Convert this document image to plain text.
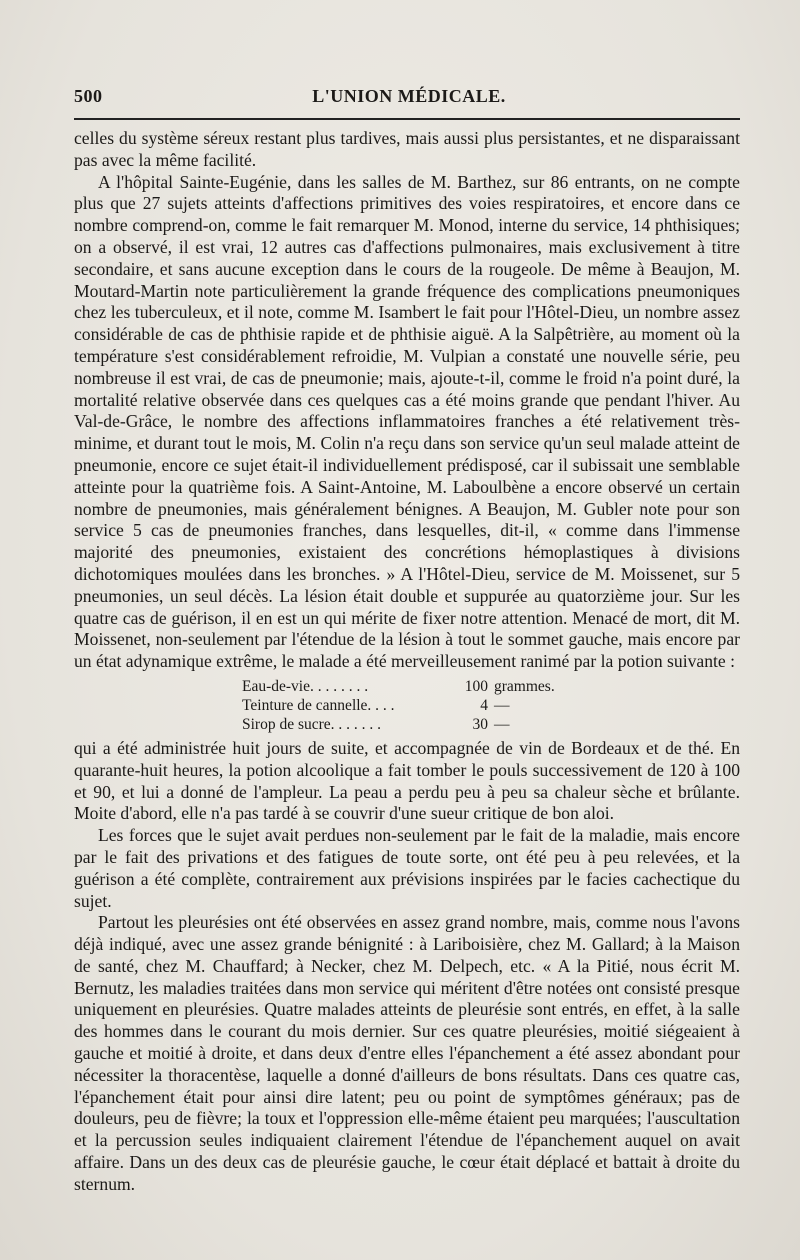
500	L'UNION MÉDICALE.

celles du système séreux restant plus tardives, mais aussi plus persistantes, et ne disparaissant pas avec la même facilité.

A l'hôpital Sainte-Eugénie, dans les salles de M. Barthez, sur 86 entrants, on ne compte plus que 27 sujets atteints d'affections primitives des voies respiratoires, et encore dans ce nombre comprend-on, comme le fait remarquer M. Monod, interne du service, 14 phthisiques; on a observé, il est vrai, 12 autres cas d'affections pulmonaires, mais exclusivement à titre secondaire, et sans aucune exception dans le cours de la rougeole. De même à Beaujon, M. Moutard-Martin note particulièrement la grande fréquence des complications pneumoniques chez les tuberculeux, et il note, comme M. Isambert le fait pour l'Hôtel-Dieu, un nombre assez considérable de cas de phthisie rapide et de phthisie aiguë. A la Salpêtrière, au moment où la température s'est considérablement refroidie, M. Vulpian a constaté une nouvelle série, peu nombreuse il est vrai, de cas de pneumonie; mais, ajoute-t-il, comme le froid n'a point duré, la mortalité relative observée dans ces quelques cas a été moins grande que pendant l'hiver. Au Val-de-Grâce, le nombre des affections inflammatoires franches a été relativement très-minime, et durant tout le mois, M. Colin n'a reçu dans son service qu'un seul malade atteint de pneumonie, encore ce sujet était-il individuellement prédisposé, car il subissait une semblable atteinte pour la quatrième fois. A Saint-Antoine, M. Laboulbène a encore observé un certain nombre de pneumonies, mais généralement bénignes. A Beaujon, M. Gubler note pour son service 5 cas de pneumonies franches, dans lesquelles, dit-il, « comme dans l'immense majorité des pneumonies, existaient des concrétions hémoplastiques à divisions dichotomiques moulées dans les bronches. » A l'Hôtel-Dieu, service de M. Moissenet, sur 5 pneumonies, un seul décès. La lésion était double et suppurée au quatorzième jour. Sur les quatre cas de guérison, il en est un qui mérite de fixer notre attention. Menacé de mort, dit M. Moissenet, non-seulement par l'étendue de la lésion à tout le sommet gauche, mais encore par un état adynamique extrême, le malade a été merveilleusement ranimé par la potion suivante :

Eau-de-vie. . . . . . . .	100 grammes.
Teinture de cannelle. . . .	4 —
Sirop de sucre. . . . . . .	30 —

qui a été administrée huit jours de suite, et accompagnée de vin de Bordeaux et de thé. En quarante-huit heures, la potion alcoolique a fait tomber le pouls successivement de 120 à 100 et 90, et lui a donné de l'ampleur. La peau a perdu peu à peu sa chaleur sèche et brûlante. Moite d'abord, elle n'a pas tardé à se couvrir d'une sueur critique de bon aloi.

Les forces que le sujet avait perdues non-seulement par le fait de la maladie, mais encore par le fait des privations et des fatigues de toute sorte, ont été peu à peu relevées, et la guérison a été complète, contrairement aux prévisions inspirées par le facies cachectique du sujet.

Partout les pleurésies ont été observées en assez grand nombre, mais, comme nous l'avons déjà indiqué, avec une assez grande bénignité : à Lariboisière, chez M. Gallard; à la Maison de santé, chez M. Chauffard; à Necker, chez M. Delpech, etc. « A la Pitié, nous écrit M. Bernutz, les maladies traitées dans mon service qui méritent d'être notées ont consisté presque uniquement en pleurésies. Quatre malades atteints de pleurésie sont entrés, en effet, à la salle des hommes dans le courant du mois dernier. Sur ces quatre pleurésies, moitié siégeaient à gauche et moitié à droite, et dans deux d'entre elles l'épanchement a été assez abondant pour nécessiter la thoracentèse, laquelle a donné d'ailleurs de bons résultats. Dans ces quatre cas, l'épanchement était pour ainsi dire latent; peu ou point de symptômes généraux; pas de douleurs, peu de fièvre; la toux et l'oppression elle-même étaient peu marquées; l'auscultation et la percussion seules indiquaient clairement l'étendue de l'épanchement auquel on avait affaire. Dans un des deux cas de pleurésie gauche, le cœur était déplacé et battait à droite du sternum.
